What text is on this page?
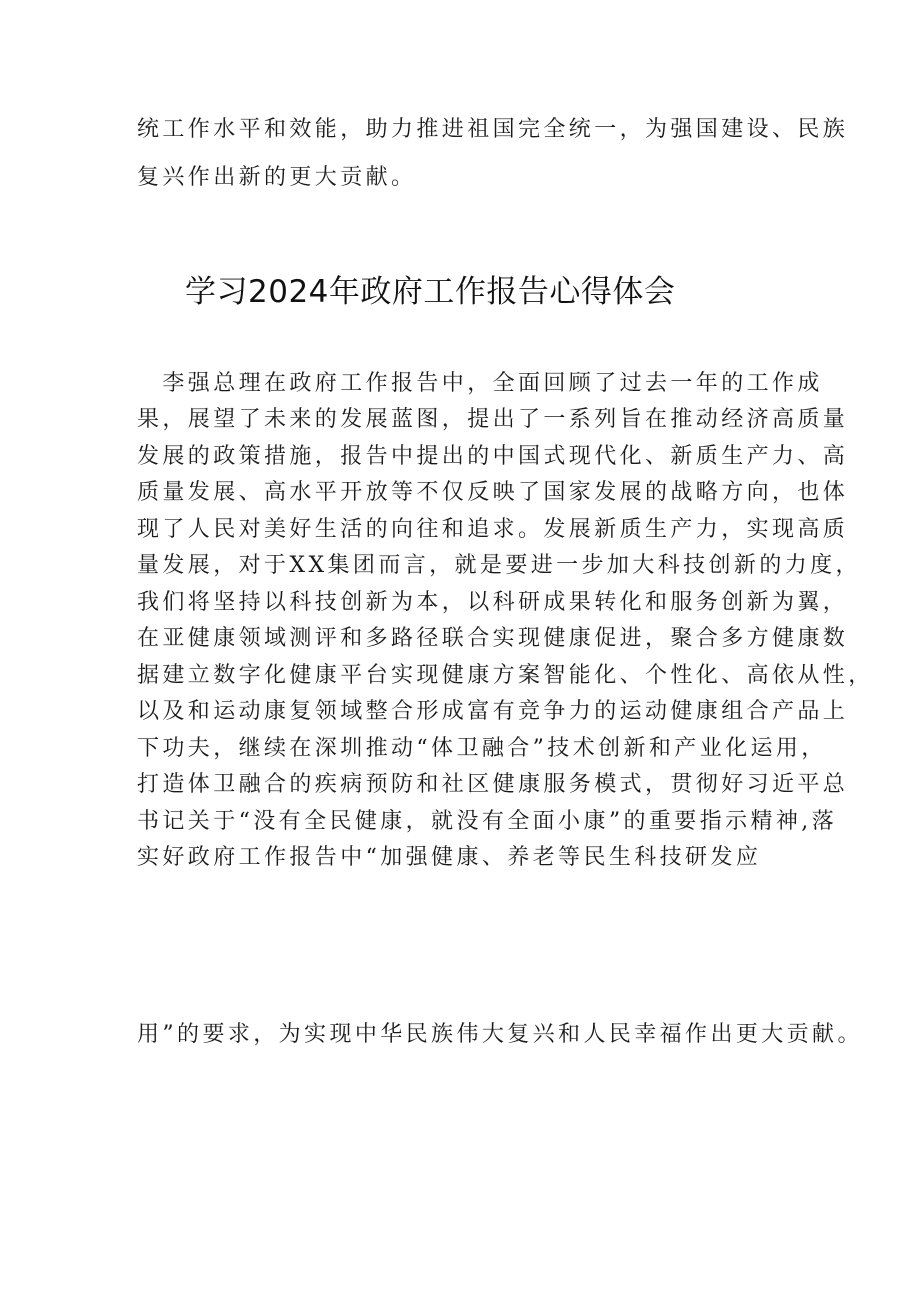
统工作水平和效能，助力推进祖国完全统一，为强国建设、民族
复兴作出新的更大贡献。
学习2024年政府工作报告心得体会
　李强总理在政府工作报告中，全面回顾了过去一年的工作成
果，展望了未来的发展蓝图，提出了一系列旨在推动经济高质量
发展的政策措施，报告中提出的中国式现代化、新质生产力、高
质量发展、高水平开放等不仅反映了国家发展的战略方向，也体
现了人民对美好生活的向往和追求。发展新质生产力，实现高质
量发展，对于XX集团而言，就是要进一步加大科技创新的力度，
我们将坚持以科技创新为本，以科研成果转化和服务创新为翼，
在亚健康领域测评和多路径联合实现健康促进，聚合多方健康数
据建立数字化健康平台实现健康方案智能化、个性化、高依从性，
以及和运动康复领域整合形成富有竞争力的运动健康组合产品上
下功夫，继续在深圳推动“体卫融合”技术创新和产业化运用，
打造体卫融合的疾病预防和社区健康服务模式，贯彻好习近平总
书记关于“没有全民健康，就没有全面小康”的重要指示精神,落
实好政府工作报告中“加强健康、养老等民生科技研发应
用”的要求，为实现中华民族伟大复兴和人民幸福作出更大贡献。
